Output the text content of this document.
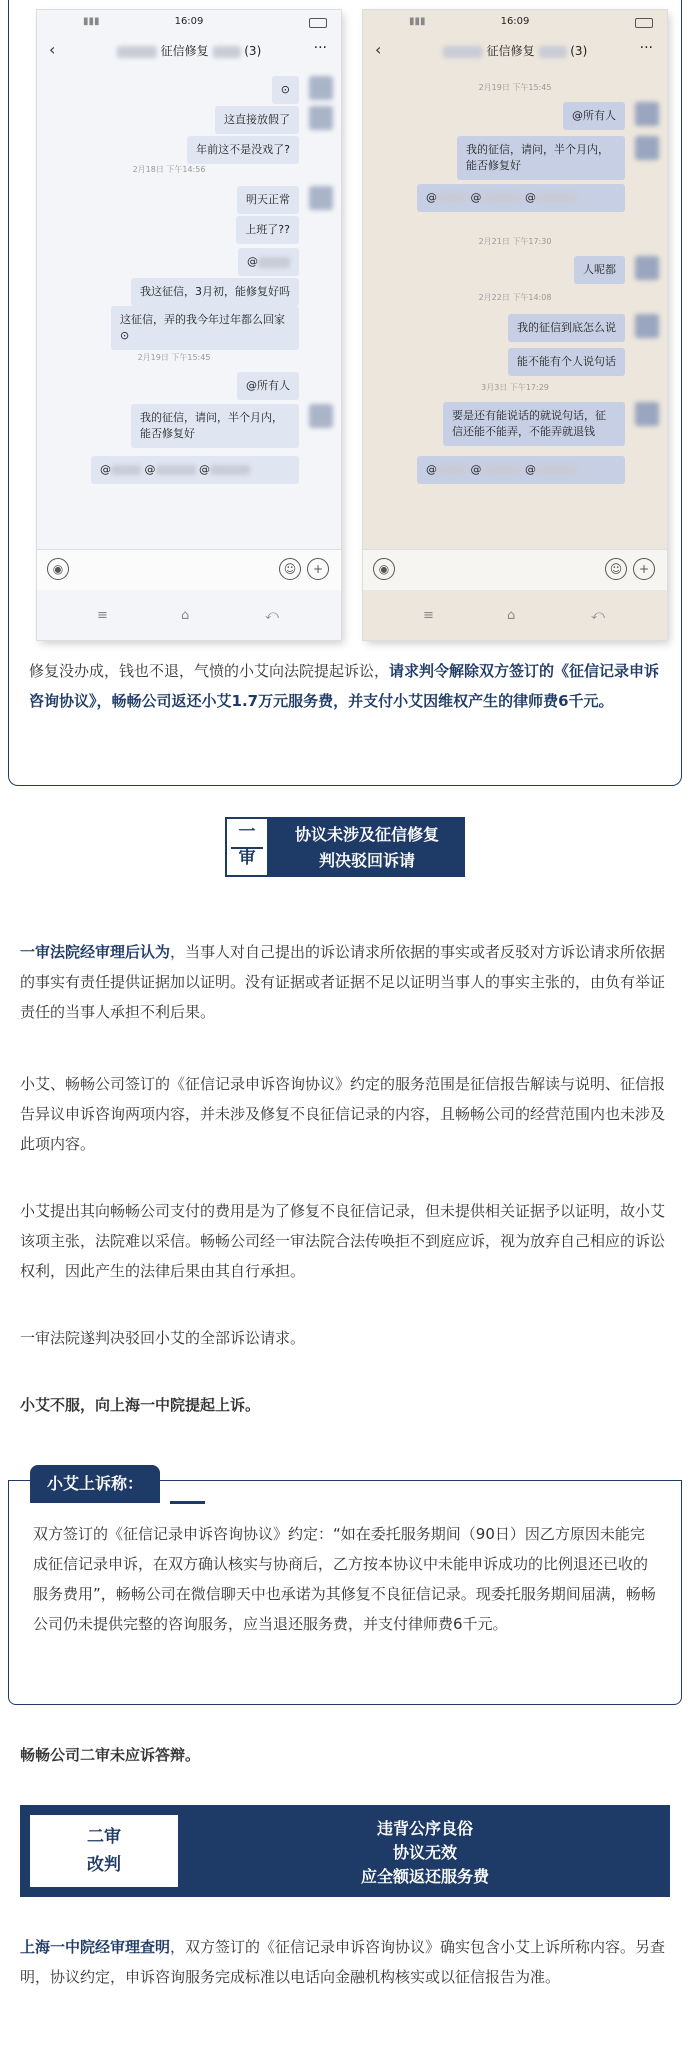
▮▮▮	16:09
‹	征信修复	(3)	···
⊙
这直接放假了
年前这不是没戏了?
2月18日 下午14:56
明天正常
上班了??
@
我这征信，3月初，能修复好吗
这征信，弄的我今年过年都么回家
⊙
2月19日 下午15:45
@所有人
我的征信，请问，半个月内，能否修复好
@	@	@
◉	☺	+
≡	⌂	⤺
▮▮▮	16:09
‹	征信修复	(3)	···
2月19日 下午15:45
@所有人
我的征信，请问，半个月内，能否修复好
@	@	@
2月21日 下午17:30
人呢都
2月22日 下午14:08
我的征信到底怎么说
能不能有个人说句话
3月3日 下午17:29
要是还有能说话的就说句话，征信还能不能弄，不能弄就退钱
@	@	@
◉	☺	+
≡	⌂	⤺

修复没办成，钱也不退，气愤的小艾向法院提起诉讼，请求判令解除双方签订的《征信记录申诉咨询协议》，畅畅公司返还小艾1.7万元服务费，并支付小艾因维权产生的律师费6千元。

一
审
协议未涉及征信修复
判决驳回诉请

一审法院经审理后认为，当事人对自己提出的诉讼请求所依据的事实或者反驳对方诉讼请求所依据的事实有责任提供证据加以证明。没有证据或者证据不足以证明当事人的事实主张的，由负有举证责任的当事人承担不利后果。

小艾、畅畅公司签订的《征信记录申诉咨询协议》约定的服务范围是征信报告解读与说明、征信报告异议申诉咨询两项内容，并未涉及修复不良征信记录的内容，且畅畅公司的经营范围内也未涉及此项内容。

小艾提出其向畅畅公司支付的费用是为了修复不良征信记录，但未提供相关证据予以证明，故小艾该项主张，法院难以采信。畅畅公司经一审法院合法传唤拒不到庭应诉，视为放弃自己相应的诉讼权利，因此产生的法律后果由其自行承担。

一审法院遂判决驳回小艾的全部诉讼请求。

小艾不服，向上海一中院提起上诉。

双方签订的《征信记录申诉咨询协议》约定：“如在委托服务期间（90日）因乙方原因未能完成征信记录申诉，在双方确认核实与协商后，乙方按本协议中未能申诉成功的比例退还已收的服务费用”，畅畅公司在微信聊天中也承诺为其修复不良征信记录。现委托服务期间届满，畅畅公司仍未提供完整的咨询服务，应当退还服务费，并支付律师费6千元。

小艾上诉称：

畅畅公司二审未应诉答辩。

二审
改判
违背公序良俗
协议无效
应全额返还服务费

上海一中院经审理查明，双方签订的《征信记录申诉咨询协议》确实包含小艾上诉所称内容。另查明，协议约定，申诉咨询服务完成标准以电话向金融机构核实或以征信报告为准。
